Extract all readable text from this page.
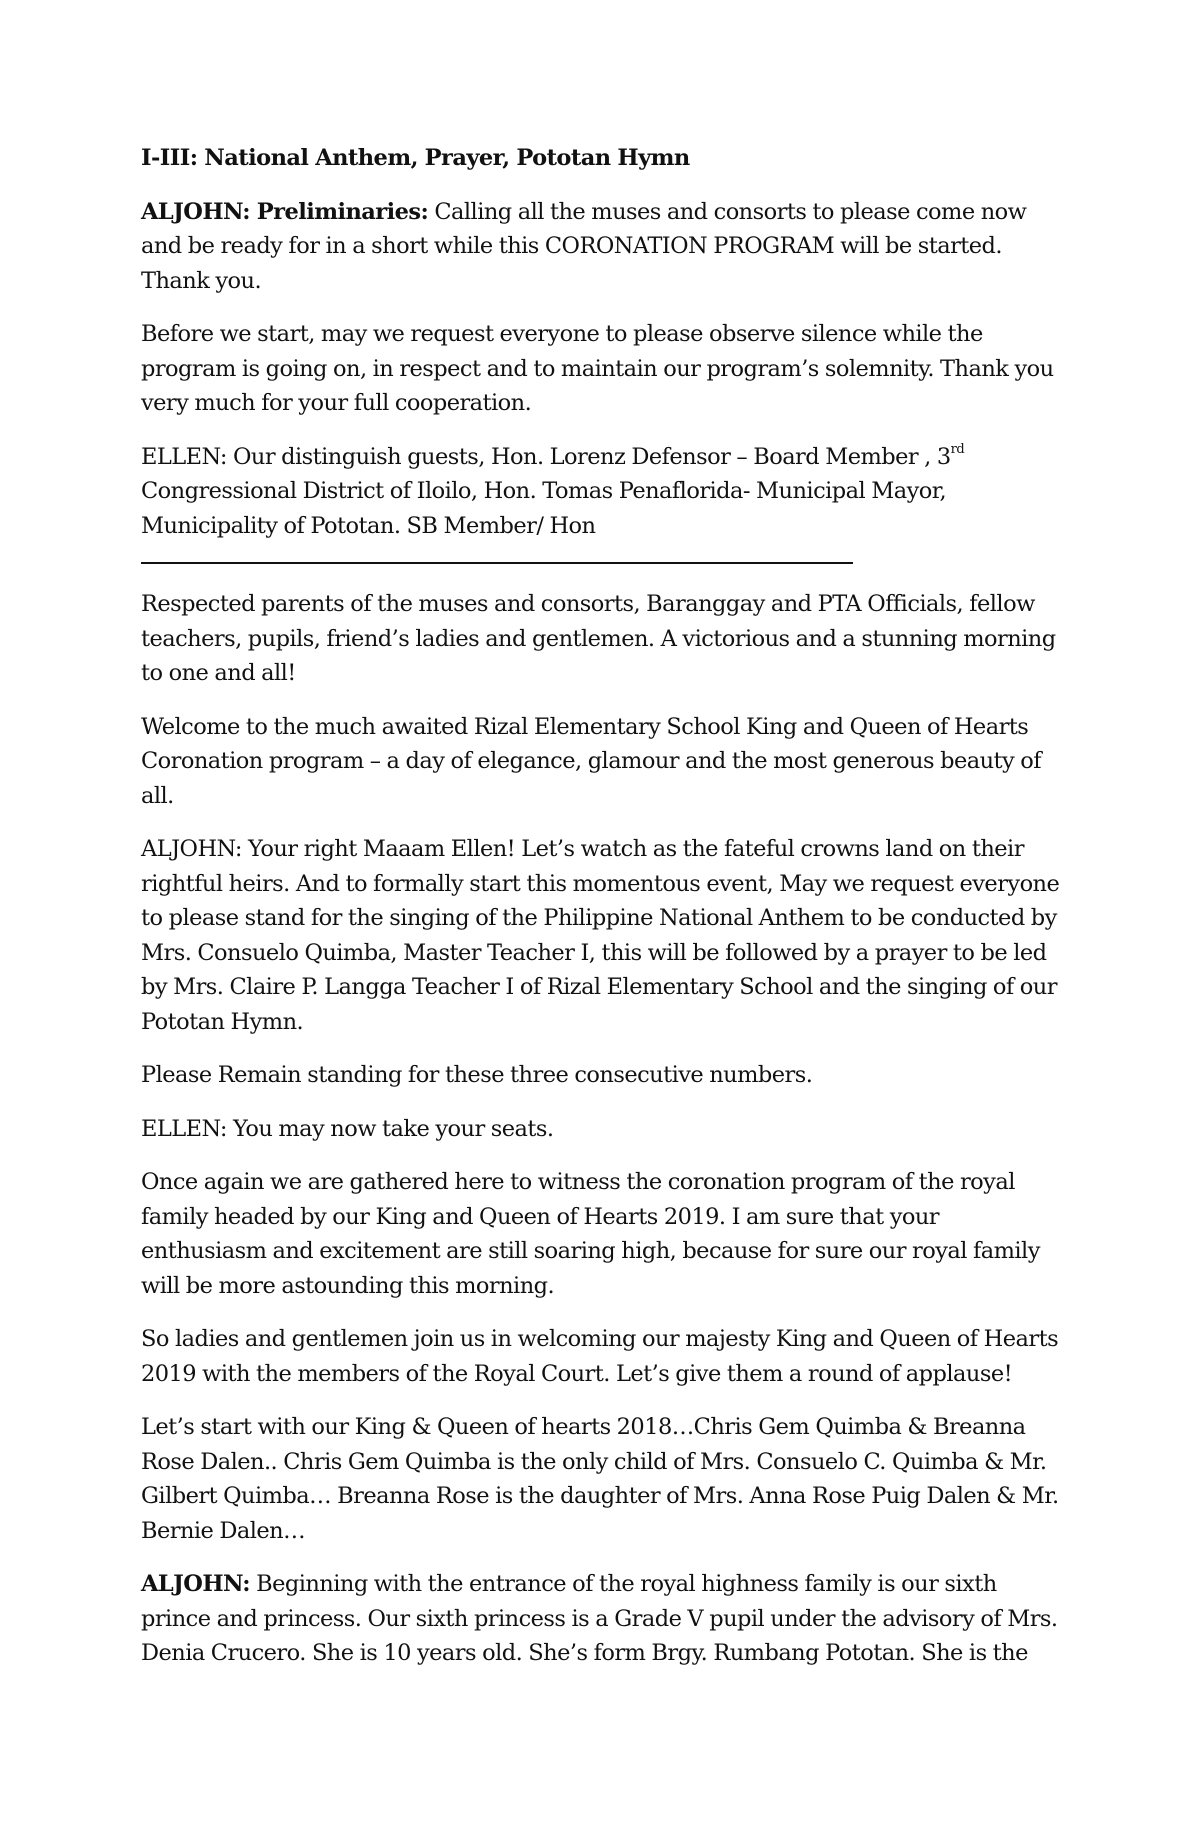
I-III: National Anthem, Prayer, Pototan Hymn

ALJOHN: Preliminaries: Calling all the muses and consorts to please come now and be ready for in a short while this CORONATION PROGRAM will be started. Thank you.

Before we start, may we request everyone to please observe silence while the program is going on, in respect and to maintain our program’s solemnity. Thank you very much for your full cooperation.

ELLEN: Our distinguish guests, Hon. Lorenz Defensor – Board Member , 3rd Congressional District of Iloilo, Hon. Tomas Penaflorida- Municipal Mayor, Municipality of Pototan. SB Member/ Hon

Respected parents of the muses and consorts, Baranggay and PTA Officials, fellow teachers, pupils, friend’s ladies and gentlemen. A victorious and a stunning morning to one and all!

Welcome to the much awaited Rizal Elementary School King and Queen of Hearts Coronation program – a day of elegance, glamour and the most generous beauty of all.

ALJOHN: Your right Maaam Ellen! Let’s watch as the fateful crowns land on their rightful heirs. And to formally start this momentous event, May we request everyone to please stand for the singing of the Philippine National Anthem to be conducted by Mrs. Consuelo Quimba, Master Teacher I, this will be followed by a prayer to be led by Mrs. Claire P. Langga Teacher I of Rizal Elementary School and the singing of our Pototan Hymn.

Please Remain standing for these three consecutive numbers.

ELLEN: You may now take your seats.

Once again we are gathered here to witness the coronation program of the royal family headed by our King and Queen of Hearts 2019. I am sure that your enthusiasm and excitement are still soaring high, because for sure our royal family will be more astounding this morning.

So ladies and gentlemen join us in welcoming our majesty King and Queen of Hearts 2019 with the members of the Royal Court. Let’s give them a round of applause!

Let’s start with our King & Queen of hearts 2018…Chris Gem Quimba & Breanna Rose Dalen.. Chris Gem Quimba is the only child of Mrs. Consuelo C. Quimba & Mr. Gilbert Quimba… Breanna Rose is the daughter of Mrs. Anna Rose Puig Dalen & Mr. Bernie Dalen…

ALJOHN: Beginning with the entrance of the royal highness family is our sixth prince and princess. Our sixth princess is a Grade V pupil under the advisory of Mrs. Denia Crucero. She is 10 years old. She’s form Brgy. Rumbang Pototan. She is the
